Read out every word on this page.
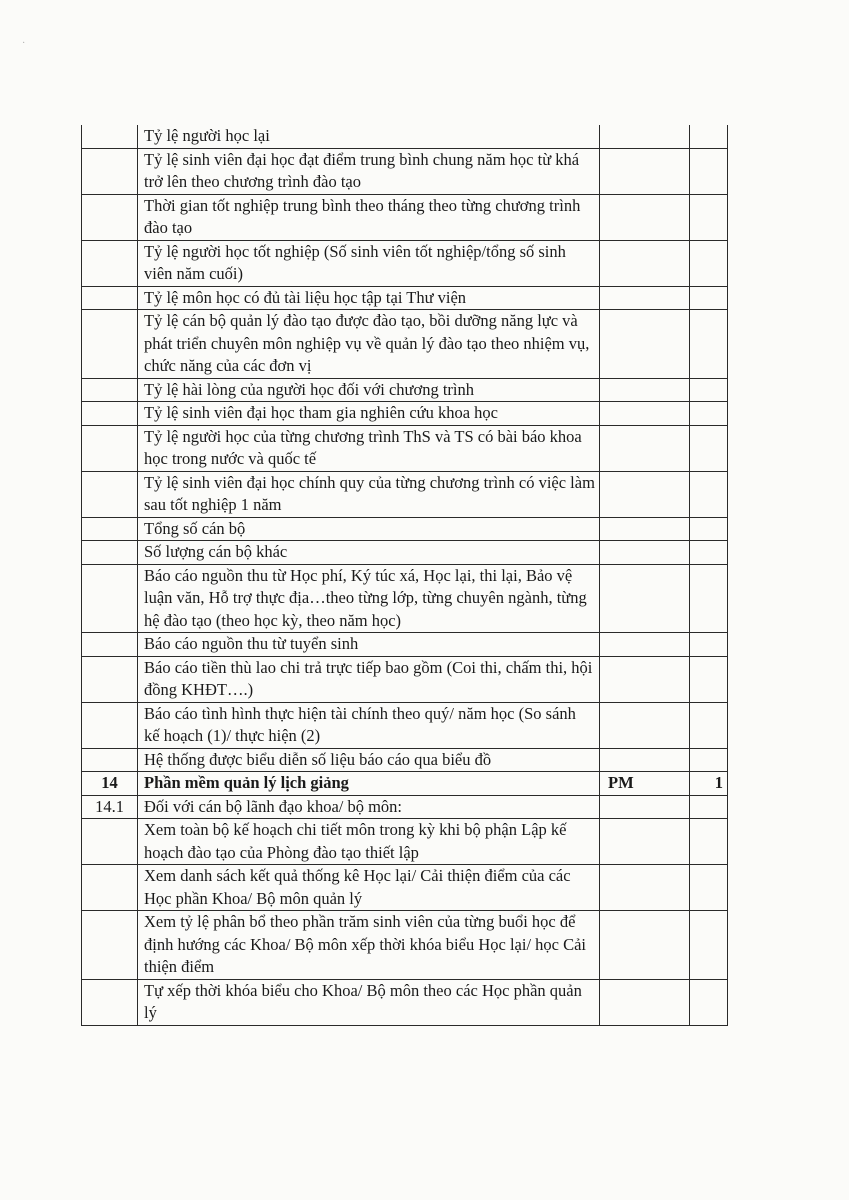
	Tỷ lệ người học lại		
	Tỷ lệ sinh viên đại học đạt điểm trung bình chung năm học từ khá trở lên theo chương trình đào tạo		
	Thời gian tốt nghiệp trung bình theo tháng theo từng chương trình đào tạo		
	Tỷ lệ người học tốt nghiệp (Số sinh viên tốt nghiệp/tổng số sinh viên năm cuối)		
	Tỷ lệ môn học có đủ tài liệu học tập tại Thư viện		
	Tỷ lệ cán bộ quản lý đào tạo được đào tạo, bồi dưỡng năng lực và phát triển chuyên môn nghiệp vụ về quản lý đào tạo theo nhiệm vụ, chức năng của các đơn vị		
	Tỷ lệ hài lòng của người học đối với chương trình		
	Tỷ lệ sinh viên đại học tham gia nghiên cứu khoa học		
	Tỷ lệ người học của từng chương trình ThS và TS có bài báo khoa học trong nước và quốc tế		
	Tỷ lệ sinh viên đại học chính quy của từng chương trình có việc làm sau tốt nghiệp 1 năm		
	Tổng số cán bộ		
	Số lượng cán bộ khác		
	Báo cáo nguồn thu từ Học phí, Ký túc xá, Học lại, thi lại, Bảo vệ luận văn, Hỗ trợ thực địa…theo từng lớp, từng chuyên ngành, từng hệ đào tạo (theo học kỳ, theo năm học)		
	Báo cáo nguồn thu từ tuyển sinh		
	Báo cáo tiền thù lao chi trả trực tiếp bao gồm (Coi thi, chấm thi, hội đồng KHĐT….)		
	Báo cáo tình hình thực hiện tài chính theo quý/ năm học (So sánh kế hoạch (1)/ thực hiện (2)		
	Hệ thống được biểu diễn số liệu báo cáo qua biểu đồ		
14	Phần mềm quản lý lịch giảng	PM	1
14.1	Đối với cán bộ lãnh đạo khoa/ bộ môn:		
	Xem toàn bộ kế hoạch chi tiết môn trong kỳ khi bộ phận Lập kế hoạch đào tạo của Phòng đào tạo thiết lập		
	Xem danh sách kết quả thống kê Học lại/ Cải thiện điểm của các Học phần Khoa/ Bộ môn quản lý		
	Xem tỷ lệ phân bổ theo phần trăm sinh viên của từng buổi học để định hướng các Khoa/ Bộ môn xếp thời khóa biểu Học lại/ học Cải thiện điểm		
	Tự xếp thời khóa biểu cho Khoa/ Bộ môn theo các Học phần quản lý		
·
